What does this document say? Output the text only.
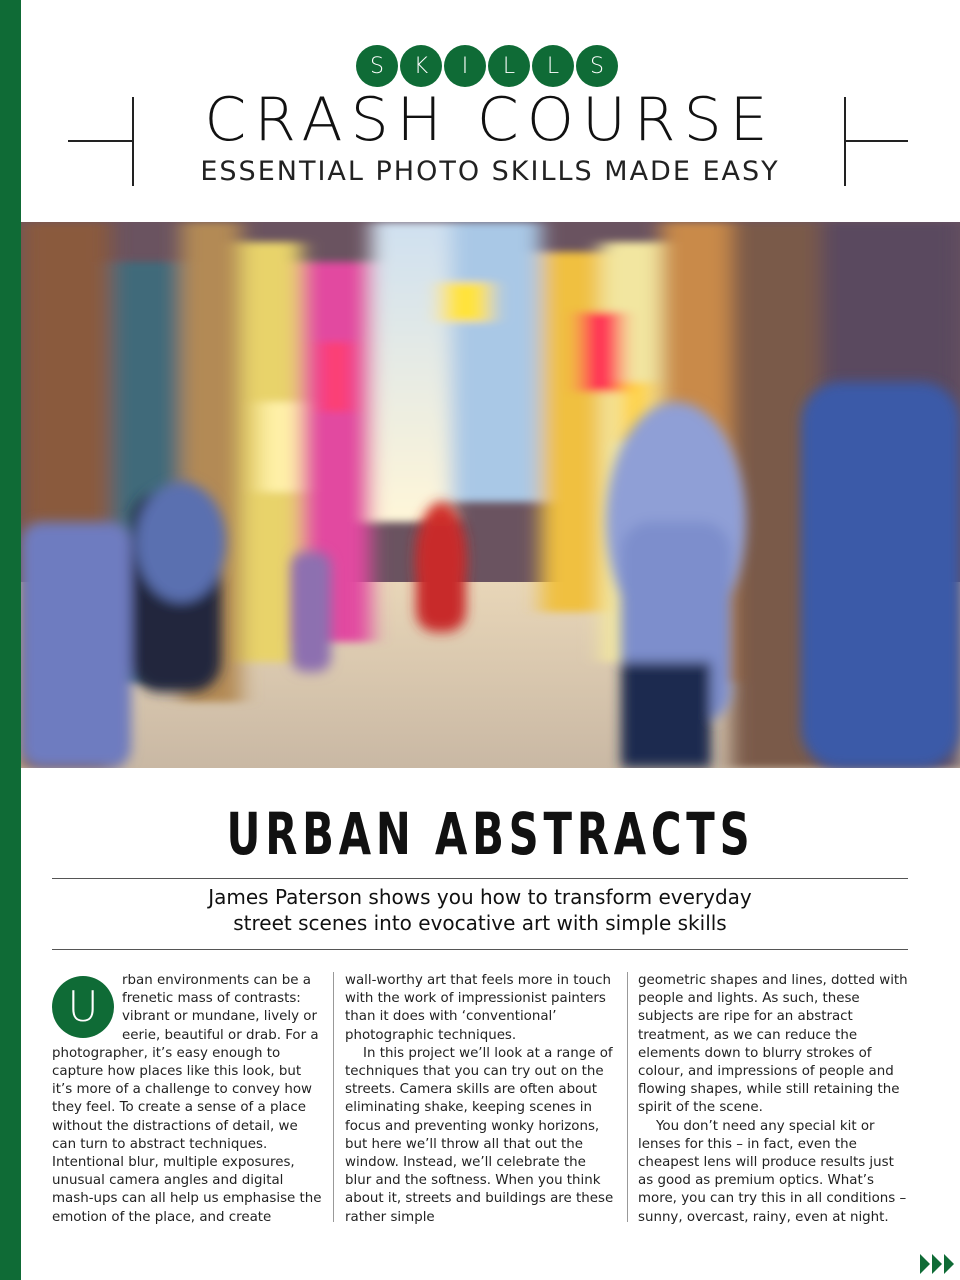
S	K	I	L	L	S
CRASH COURSE
ESSENTIAL PHOTO SKILLS MADE EASY
URBAN ABSTRACTS
James Paterson shows you how to transform everyday
street scenes into evocative art with simple skills
U

rban environments can be a frenetic mass of contrasts: vibrant or mundane, lively or eerie, beautiful or drab. For a photographer, it’s easy enough to capture how places like this look, but it’s more of a challenge to convey how they feel. To create a sense of a place without the distractions of detail, we can turn to abstract techniques. Intentional blur, multiple exposures, unusual camera angles and digital mash-ups can all help us emphasise the emotion of the place, and create

wall-worthy art that feels more in touch with the work of impressionist painters than it does with ‘conventional’ photographic techniques.

In this project we’ll look at a range of techniques that you can try out on the streets. Camera skills are often about eliminating shake, keeping scenes in focus and preventing wonky horizons, but here we’ll throw all that out the window. Instead, we’ll celebrate the blur and the softness. When you think about it, streets and buildings are these rather simple

geometric shapes and lines, dotted with people and lights. As such, these subjects are ripe for an abstract treatment, as we can reduce the elements down to blurry strokes of colour, and impressions of people and flowing shapes, while still retaining the spirit of the scene.

You don’t need any special kit or lenses for this – in fact, even the cheapest lens will produce results just as good as premium optics. What’s more, you can try this in all conditions – sunny, overcast, rainy, even at night.
